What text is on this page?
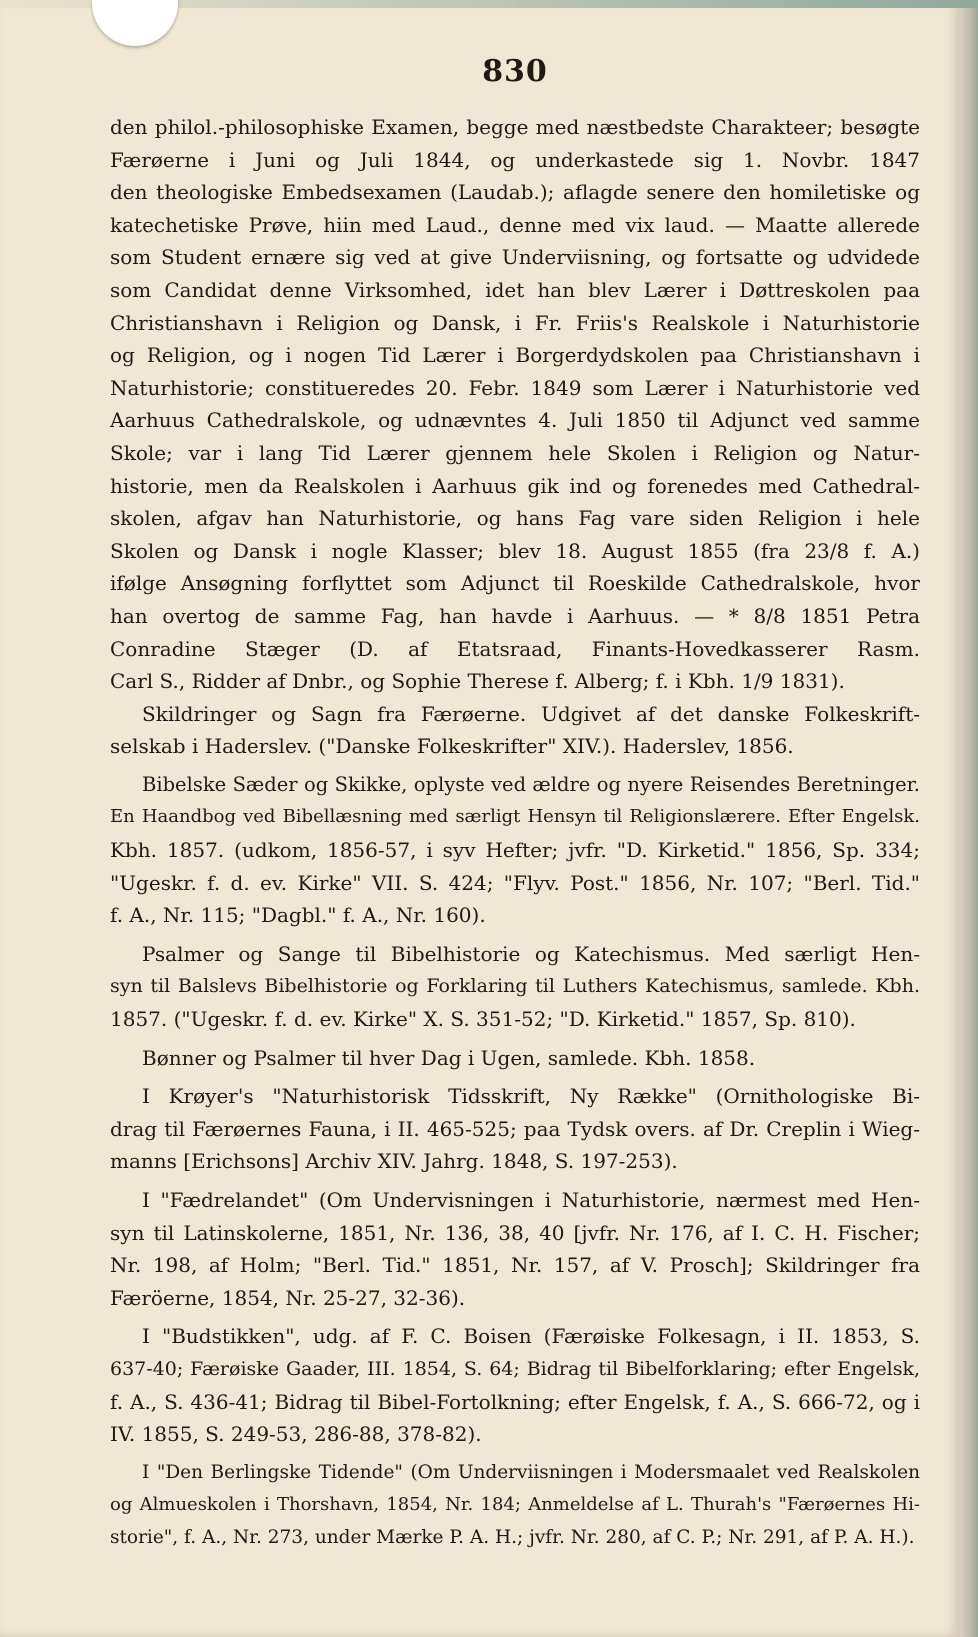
830

den philol.-philosophiske Examen, begge med næstbedste Charakteer; besøgte

Færøerne i Juni og Juli 1844, og underkastede sig 1. Novbr. 1847

den theologiske Embedsexamen (Laudab.); aflagde senere den homiletiske og

katechetiske Prøve, hiin med Laud., denne med vix laud. — Maatte allerede

som Student ernære sig ved at give Underviisning, og fortsatte og udvidede

som Candidat denne Virksomhed, idet han blev Lærer i Døttreskolen paa

Christianshavn i Religion og Dansk, i Fr. Friis's Realskole i Naturhistorie

og Religion, og i nogen Tid Lærer i Borgerdydskolen paa Christianshavn i

Naturhistorie; constitueredes 20. Febr. 1849 som Lærer i Naturhistorie ved

Aarhuus Cathedralskole, og udnævntes 4. Juli 1850 til Adjunct ved samme

Skole; var i lang Tid Lærer gjennem hele Skolen i Religion og Natur-

historie, men da Realskolen i Aarhuus gik ind og forenedes med Cathedral-

skolen, afgav han Naturhistorie, og hans Fag vare siden Religion i hele

Skolen og Dansk i nogle Klasser; blev 18. August 1855 (fra 23/8 f. A.)

ifølge Ansøgning forflyttet som Adjunct til Roeskilde Cathedralskole, hvor

han overtog de samme Fag, han havde i Aarhuus. — * 8/8 1851 Petra

Conradine Stæger (D. af Etatsraad, Finants-Hovedkasserer Rasm.

Carl S., Ridder af Dnbr., og Sophie Therese f. Alberg; f. i Kbh. 1/9 1831).

Skildringer og Sagn fra Færøerne. Udgivet af det danske Folkeskrift-

selskab i Haderslev. ("Danske Folkeskrifter" XIV.). Haderslev, 1856.

Bibelske Sæder og Skikke, oplyste ved ældre og nyere Reisendes Beretninger.

En Haandbog ved Bibellæsning med særligt Hensyn til Religionslærere. Efter Engelsk.

Kbh. 1857. (udkom, 1856-57, i syv Hefter; jvfr. "D. Kirketid." 1856, Sp. 334;

"Ugeskr. f. d. ev. Kirke" VII. S. 424; "Flyv. Post." 1856, Nr. 107; "Berl. Tid."

f. A., Nr. 115; "Dagbl." f. A., Nr. 160).

Psalmer og Sange til Bibelhistorie og Katechismus. Med særligt Hen-

syn til Balslevs Bibelhistorie og Forklaring til Luthers Katechismus, samlede. Kbh.

1857. ("Ugeskr. f. d. ev. Kirke" X. S. 351-52; "D. Kirketid." 1857, Sp. 810).

Bønner og Psalmer til hver Dag i Ugen, samlede. Kbh. 1858.

I Krøyer's "Naturhistorisk Tidsskrift, Ny Række" (Ornithologiske Bi-

drag til Færøernes Fauna, i II. 465-525; paa Tydsk overs. af Dr. Creplin i Wieg-

manns [Erichsons] Archiv XIV. Jahrg. 1848, S. 197-253).

I "Fædrelandet" (Om Undervisningen i Naturhistorie, nærmest med Hen-

syn til Latinskolerne, 1851, Nr. 136, 38, 40 [jvfr. Nr. 176, af I. C. H. Fischer;

Nr. 198, af Holm; "Berl. Tid." 1851, Nr. 157, af V. Prosch]; Skildringer fra

Færöerne, 1854, Nr. 25-27, 32-36).

I "Budstikken", udg. af F. C. Boisen (Færøiske Folkesagn, i II. 1853, S.

637-40; Færøiske Gaader, III. 1854, S. 64; Bidrag til Bibelforklaring; efter Engelsk,

f. A., S. 436-41; Bidrag til Bibel-Fortolkning; efter Engelsk, f. A., S. 666-72, og i

IV. 1855, S. 249-53, 286-88, 378-82).

I "Den Berlingske Tidende" (Om Underviisningen i Modersmaalet ved Realskolen

og Almueskolen i Thorshavn, 1854, Nr. 184; Anmeldelse af L. Thurah's "Færøernes Hi-

storie", f. A., Nr. 273, under Mærke P. A. H.; jvfr. Nr. 280, af C. P.; Nr. 291, af P. A. H.).
